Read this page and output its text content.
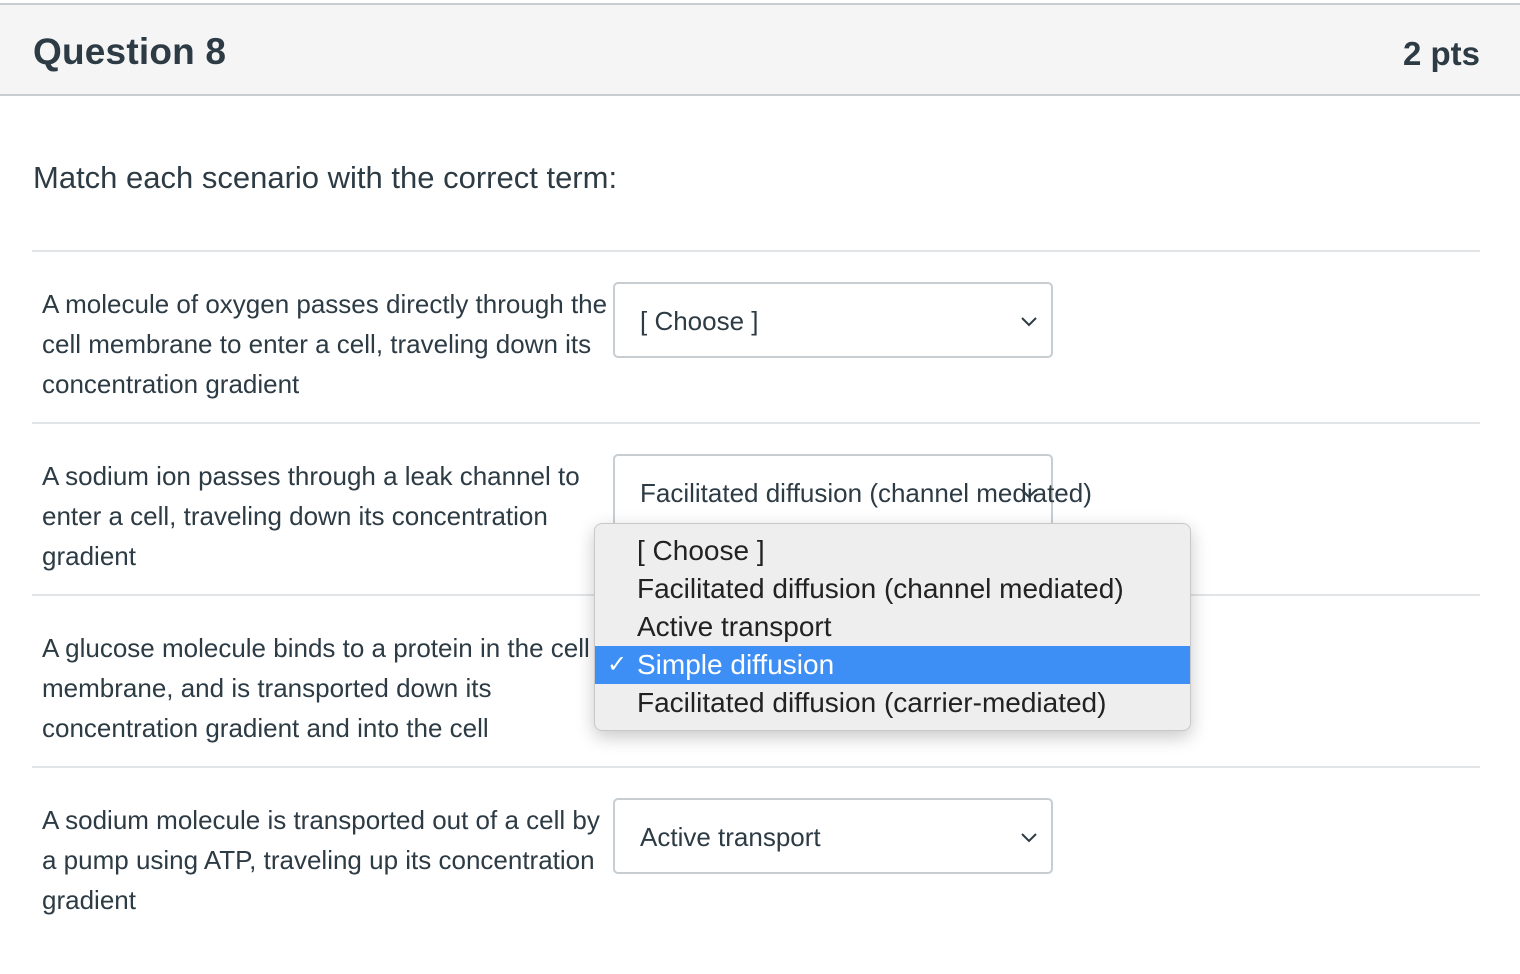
Question 8	2 pts
Match each scenario with the correct term:
A molecule of oxygen passes directly through the cell membrane to enter a cell, traveling down its concentration gradient
[ Choose ]
A sodium ion passes through a leak channel to enter a cell, traveling down its concentration gradient
Facilitated diffusion (channel mediated)
A glucose molecule binds to a protein in the cell membrane, and is transported down its concentration gradient and into the cell
A sodium molecule is transported out of a cell by a pump using ATP, traveling up its concentration gradient
Active transport
[ Choose ]
Facilitated diffusion (channel mediated)
Active transport
✓ Simple diffusion
Facilitated diffusion (carrier-mediated)
